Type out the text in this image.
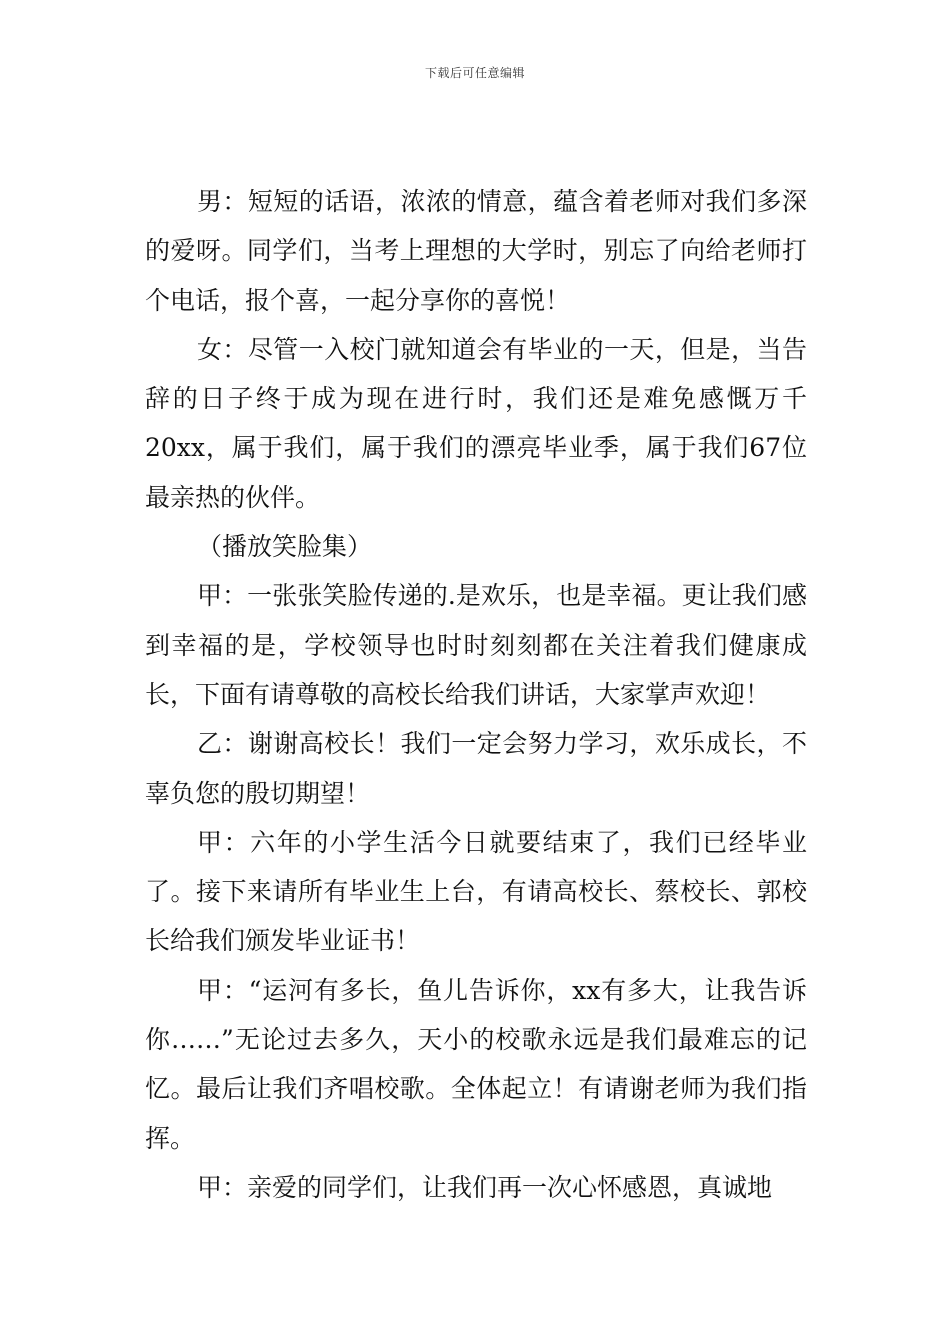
下载后可任意编辑

男：短短的话语，浓浓的情意，蕴含着老师对我们多深的爱呀。同学们，当考上理想的大学时，别忘了向给老师打个电话，报个喜，一起分享你的喜悦！

女：尽管一入校门就知道会有毕业的一天，但是，当告辞的日子终于成为现在进行时，我们还是难免感慨万千20xx，属于我们，属于我们的漂亮毕业季，属于我们67位最亲热的伙伴。

（播放笑脸集）

甲：一张张笑脸传递的.是欢乐，也是幸福。更让我们感到幸福的是，学校领导也时时刻刻都在关注着我们健康成长，下面有请尊敬的高校长给我们讲话，大家掌声欢迎！

乙：谢谢高校长！我们一定会努力学习，欢乐成长，不辜负您的殷切期望！

甲：六年的小学生活今日就要结束了，我们已经毕业了。接下来请所有毕业生上台，有请高校长、蔡校长、郭校长给我们颁发毕业证书！

甲：“运河有多长，鱼儿告诉你，xx有多大，让我告诉你……”无论过去多久，天小的校歌永远是我们最难忘的记忆。最后让我们齐唱校歌。全体起立！有请谢老师为我们指挥。

甲：亲爱的同学们，让我们再一次心怀感恩，真诚地
